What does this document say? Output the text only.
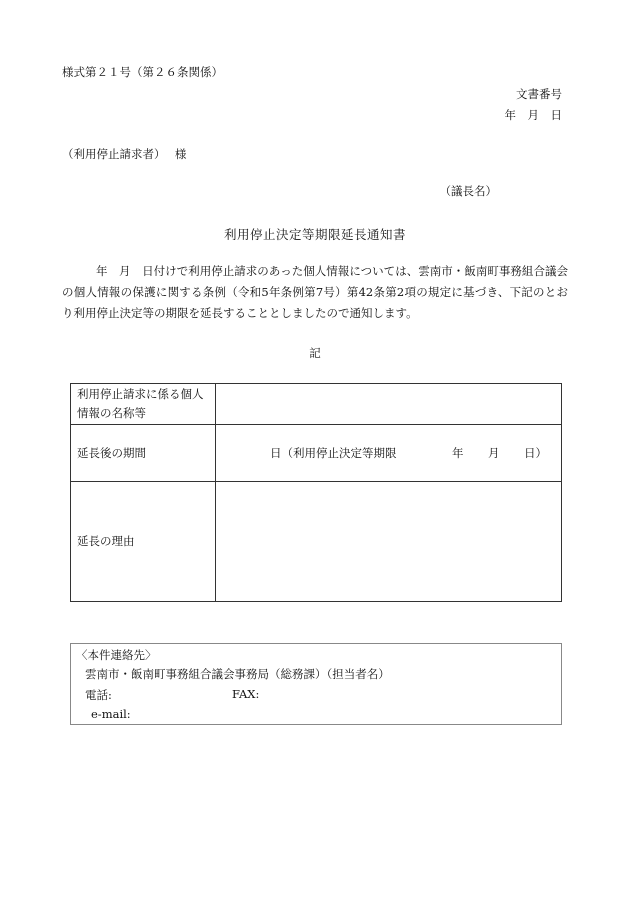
様式第２１号（第２６条関係）
文書番号
年　月　日
（利用停止請求者）　 様
（議長名）
利用停止決定等期限延長通知書
年　月　日付けで利用停止請求のあった個人情報については、雲南市・飯南町事務組合議会の個人情報の保護に関する条例（令和5年条例第7号）第42条第2項の規定に基づき、下記のとおり利用停止決定等の期限を延長することとしましたので通知します。
記
利用停止請求に係る個人情報の名称等	
延長後の期間	日（利用停止決定等期限 年 月 日）

延長の理由	
〈本件連絡先〉
雲南市・飯南町事務組合議会事務局（総務課）（担当者名）
電話:	FAX:
e-mail:
